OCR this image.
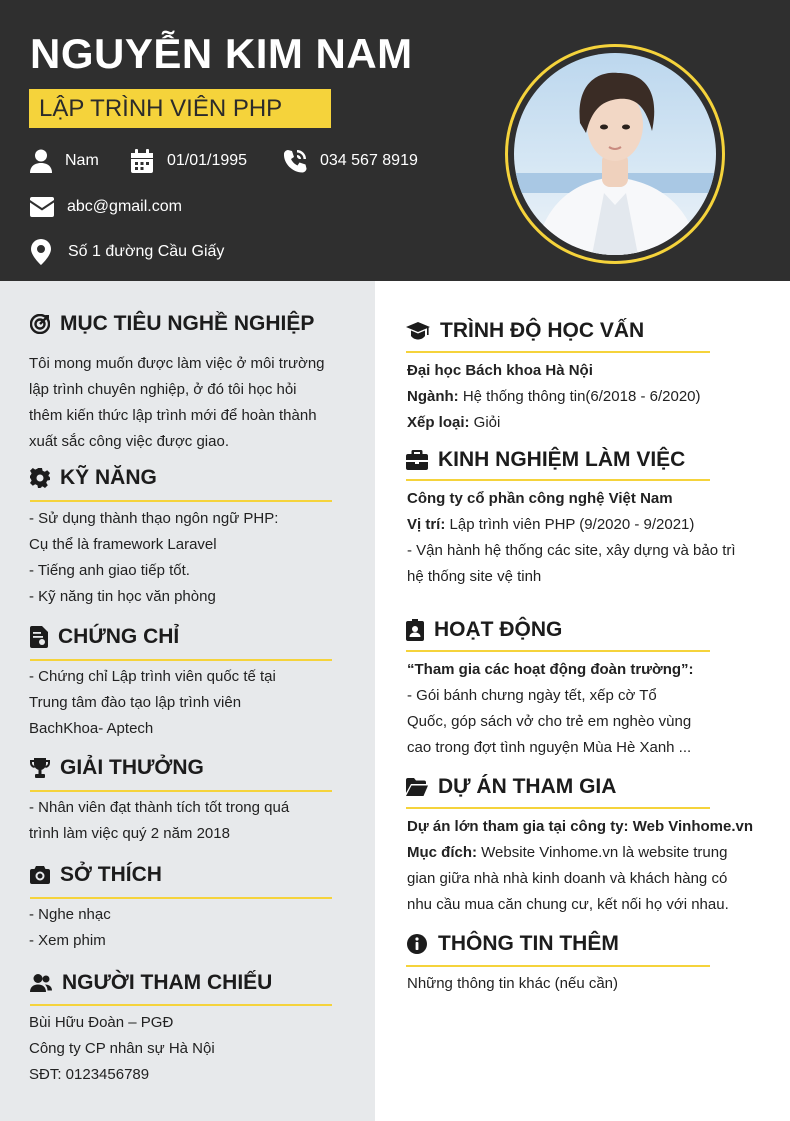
NGUYỄN KIM NAM
LẬP TRÌNH VIÊN PHP
Nam	01/01/1995	034 567 8919
abc@gmail.com
Số 1 đường Cầu Giấy
MỤC TIÊU NGHỀ NGHIỆP
Tôi mong muốn được làm việc ở môi trường
lập trình chuyên nghiệp, ở đó tôi học hỏi
thêm kiến thức lập trình mới để hoàn thành
xuất sắc công việc được giao.
KỸ NĂNG
- Sử dụng thành thạo ngôn ngữ PHP:
Cụ thể là framework Laravel
- Tiếng anh giao tiếp tốt.
- Kỹ năng tin học văn phòng
CHỨNG CHỈ
- Chứng chỉ Lập trình viên quốc tế tại
Trung tâm đào tạo lập trình viên
BachKhoa- Aptech
GIẢI THƯỞNG
- Nhân viên đạt thành tích tốt trong quá
trình làm việc quý 2 năm 2018
SỞ THÍCH
- Nghe nhạc
- Xem phim
NGƯỜI THAM CHIẾU
Bùi Hữu Đoàn – PGĐ
Công ty CP nhân sự Hà Nội
SĐT: 0123456789
TRÌNH ĐỘ HỌC VẤN
Đại học Bách khoa Hà Nội
Ngành: Hệ thống thông tin(6/2018 - 6/2020)
Xếp loại: Giỏi
KINH NGHIỆM LÀM VIỆC
Công ty cổ phần công nghệ Việt Nam
Vị trí: Lập trình viên PHP (9/2020 - 9/2021)
- Vận hành hệ thống các site, xây dựng và bảo trì
hệ thống site vệ tinh
HOẠT ĐỘNG
“Tham gia các hoạt động đoàn trường”:
- Gói bánh chưng ngày tết, xếp cờ Tổ
Quốc, góp sách vở cho trẻ em nghèo vùng
cao trong đợt tình nguyện Mùa Hè Xanh ...
DỰ ÁN THAM GIA
Dự án lớn tham gia tại công ty: Web Vinhome.vn
Mục đích: Website Vinhome.vn là website trung
gian giữa nhà nhà kinh doanh và khách hàng có
nhu cầu mua căn chung cư, kết nối họ với nhau.
THÔNG TIN THÊM
Những thông tin khác (nếu cần)
